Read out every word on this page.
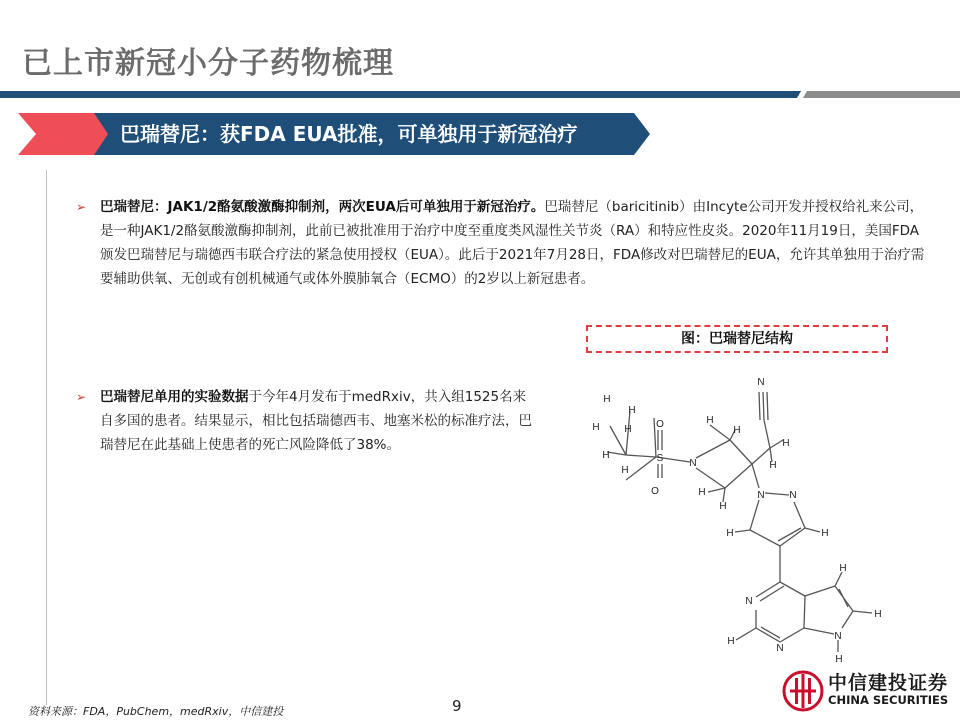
已上市新冠小分子药物梳理
巴瑞替尼：获FDA EUA批准，可单独用于新冠治疗
➢ 巴瑞替尼：JAK1/2酪氨酸激酶抑制剂，两次EUA后可单独用于新冠治疗。巴瑞替尼（baricitinib）由Incyte公司开发并授权给礼来公司，是一种JAK1/2酪氨酸激酶抑制剂，此前已被批准用于治疗中度至重度类风湿性关节炎（RA）和特应性皮炎。2020年11月19日，美国FDA颁发巴瑞替尼与瑞德西韦联合疗法的紧急使用授权（EUA）。此后于2021年7月28日，FDA修改对巴瑞替尼的EUA，允许其单独用于治疗需要辅助供氧、无创或有创机械通气或体外膜肺氧合（ECMO）的2岁以上新冠患者。
➢ 巴瑞替尼单用的实验数据于今年4月发布于medRxiv，共入组1525名来自多国的患者。结果显示，相比包括瑞德西韦、地塞米松的标准疗法，巴瑞替尼在此基础上使患者的死亡风险降低了38%。
图：巴瑞替尼结构
H
H
H H
H
H
O
S
O
N
H
H
H
H
N
H
H
N N
H	H
N
H
H
H
N
N
H
资料来源：FDA，PubChem，medRxiv，中信建投	9
中信建投证券
CHINA SECURITIES
